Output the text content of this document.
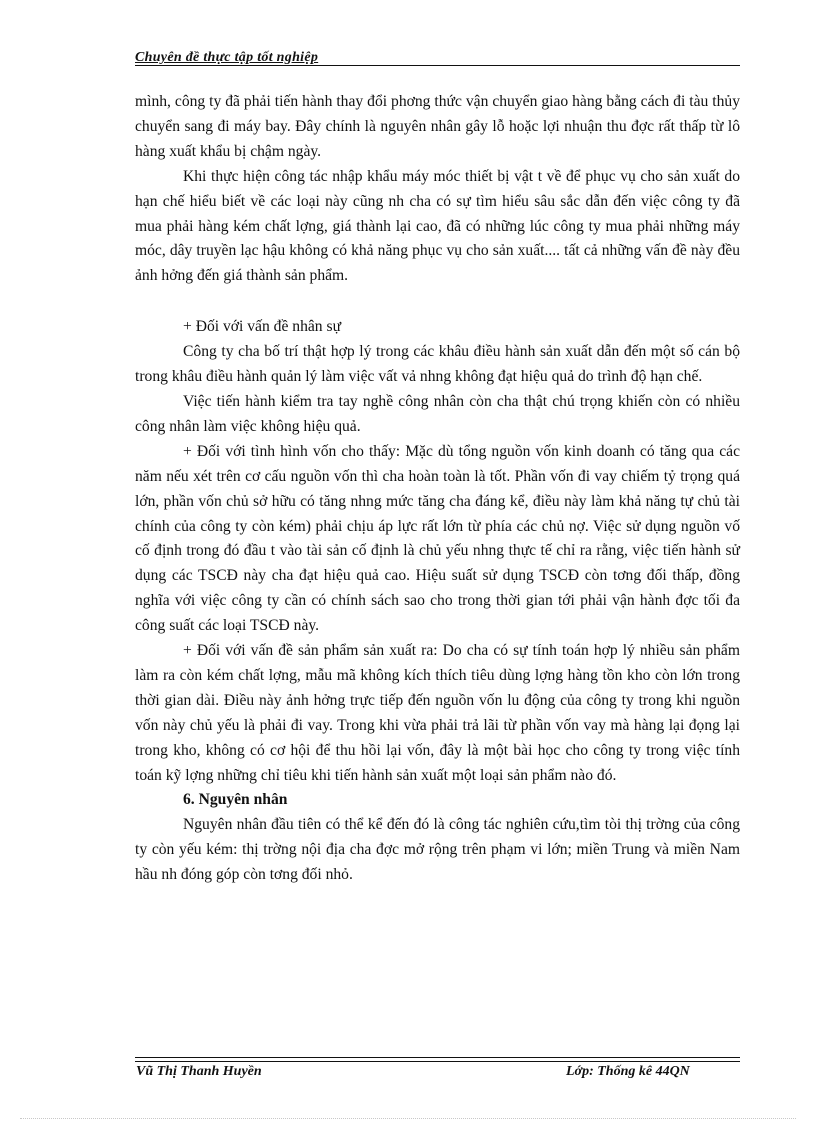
Chuyên đề thực tập tốt nghiệp

mình, công ty đã phải tiến hành thay đổi phơng thức vận chuyển giao hàng bằng cách đi tàu thủy chuyển sang đi máy bay. Đây chính là nguyên nhân gây lỗ hoặc lợi nhuận thu đợc rất thấp từ lô hàng xuất khẩu bị chậm ngày.

Khi thực hiện công tác nhập khẩu máy móc thiết bị vật t về để phục vụ cho sản xuất do hạn chế hiểu biết về các loại này cũng nh cha có sự tìm hiểu sâu sắc dẫn đến việc công ty đã mua phải hàng kém chất lợng, giá thành lại cao, đã có những lúc công ty mua phải những máy móc, dây truyền lạc hậu không có khả năng phục vụ cho sản xuất.... tất cả những vấn đề này đều ảnh hởng đến giá thành sản phẩm.

+ Đối với vấn đề nhân sự

Công ty cha bố trí thật hợp lý trong các khâu điều hành sản xuất dẫn đến một số cán bộ trong khâu điều hành quản lý làm việc vất vả nhng không đạt hiệu quả do trình độ hạn chế.

Việc tiến hành kiểm tra tay nghề công nhân còn cha thật chú trọng khiến còn có nhiều công nhân làm việc không hiệu quả.

+ Đối với tình hình vốn cho thấy: Mặc dù tổng nguồn vốn kinh doanh có tăng qua các năm nếu xét trên cơ cấu nguồn vốn thì cha hoàn toàn là tốt. Phần vốn đi vay chiếm tỷ trọng quá lớn, phần vốn chủ sở hữu có tăng nhng mức tăng cha đáng kể, điều này làm khả năng tự chủ tài chính của công ty còn kém) phải chịu áp lực rất lớn từ phía các chủ nợ. Việc sử dụng nguồn vố cố định trong đó đầu t vào tài sản cố định là chủ yếu nhng thực tế chỉ ra rằng, việc tiến hành sử dụng các TSCĐ này cha đạt hiệu quả cao. Hiệu suất sử dụng TSCĐ còn tơng đối thấp, đồng nghĩa với việc công ty cần có chính sách sao cho trong thời gian tới phải vận hành đợc tối đa công suất các loại TSCĐ này.

+ Đối với vấn đề sản phẩm sản xuất ra: Do cha có sự tính toán hợp lý nhiều sản phẩm làm ra còn kém chất lợng, mẫu mã không kích thích tiêu dùng lợng hàng tồn kho còn lớn trong thời gian dài. Điều này ảnh hởng trực tiếp đến nguồn vốn lu động của công ty trong khi nguồn vốn này chủ yếu là phải đi vay. Trong khi vừa phải trả lãi từ phần vốn vay mà hàng lại đọng lại trong kho, không có cơ hội để thu hồi lại vốn, đây là một bài học cho công ty trong việc tính toán kỹ lợng những chỉ tiêu khi tiến hành sản xuất một loại sản phẩm nào đó.

6. Nguyên nhân

Nguyên nhân đầu tiên có thể kể đến đó là công tác nghiên cứu,tìm tòi thị trờng của công ty còn yếu kém: thị trờng nội địa cha đợc mở rộng trên phạm vi lớn; miền Trung và miền Nam hầu nh đóng góp còn tơng đối nhỏ.

Vũ Thị Thanh Huyền	Lớp: Thống kê 44QN
